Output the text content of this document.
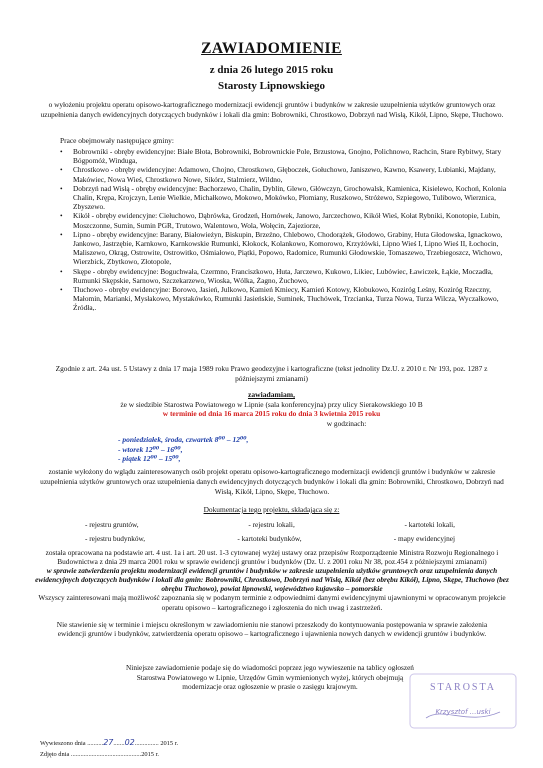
ZAWIADOMIENIE
z dnia 26 lutego 2015 roku
Starosty Lipnowskiego
o wyłożeniu projektu operatu opisowo-kartograficznego modernizacji ewidencji gruntów i budynków w zakresie uzupełnienia użytków gruntowych oraz uzupełnienia danych ewidencyjnych dotyczących budynków i lokali dla gmin: Bobrowniki, Chrostkowo, Dobrzyń nad Wisłą, Kikół, Lipno, Skępe, Tłuchowo.
Prace obejmowały następujące gminy:
• Bobrowniki - obręby ewidencyjne: Białe Błota, Bobrowniki, Bobrownickie Pole, Brzustowa, Gnojno, Polichnowo, Rachcin, Stare Rybitwy, Stary Bógpomóż, Winduga,
• Chrostkowo - obręby ewidencyjne: Adamowo, Chojno, Chrostkowo, Głęboczek, Gołuchowo, Janiszewo, Kawno, Ksawery, Lubianki, Majdany, Makówiec, Nowa Wieś, Chrostkowo Nowe, Sikórz, Stalmierz, Wildno,
• Dobrzyń nad Wisłą - obręby ewidencyjne: Bachorzewo, Chalin, Dyblin, Glewo, Główczyn, Grochowalsk, Kamienica, Kisielewo, Kochoń, Kolonia Chalin, Krępa, Krojczyn, Lenie Wielkie, Michałkowo, Mokowo, Mokówko, Płomiany, Ruszkowo, Stróżewo, Szpiegowo, Tulibowo, Wierznica, Zbyszewo.
• Kikół - obręby ewidencyjne: Ciełuchowo, Dąbrówka, Grodzeń, Hornówek, Janowo, Jarczechowo, Kikół Wieś, Kołat Rybniki, Konotopie, Lubin, Moszczonne, Sumin, Sumin PGR, Trutowo, Walentowo, Wola, Wołęcin, Zajeziorze,
• Lipno - obręby ewidencyjne: Barany, Białowieżyn, Biskupin, Brzeźno, Chlebowo, Chodorążek, Głodowo, Grabiny, Huta Głodowska, Ignackowo, Jankowo, Jastrzębie, Karnkowo, Karnkowskie Rumunki, Kłokock, Kolankowo, Komorowo, Krzyżówki, Lipno Wieś I, Lipno Wieś II, Łochocin, Maliszewo, Okrąg, Ostrowite, Ostrowitko, Ośmiałowo, Piątki, Popowo, Radomice, Rumunki Głodowskie, Tomaszewo, Trzebiegoszcz, Wichowo, Wierzbick, Zbytkowo, Złotopole,
• Skępe - obręby ewidencyjne: Boguchwała, Czermno, Franciszkowo, Huta, Jarczewo, Kukowo, Likiec, Lubówiec, Ławiczek, Łąkie, Moczadła, Rumunki Skępskie, Sarnowo, Szczekarzewo, Wioska, Wólka, Żagno, Żuchowo,
• Tłuchowo - obręby ewidencyjne: Borowo, Jasień, Julkowo, Kamień Kmiecy, Kamień Kotowy, Kłobukowo, Koziróg Leśny, Koziróg Rzeczny, Małomin, Marianki, Mysłakowo, Mystakówko, Rumunki Jasieńskie, Suminek, Tłuchówek, Trzcianka, Turza Nowa, Turza Wilcza, Wyczałkowo, Źródła,.
Zgodnie z art. 24a ust. 5 Ustawy z dnia 17 maja 1989 roku Prawo geodezyjne i kartograficzne (tekst jednolity Dz.U. z 2010 r. Nr 193, poz. 1287 z późniejszymi zmianami)
zawiadamiam,
że w siedzibie Starostwa Powiatowego w Lipnie (sala konferencyjna) przy ulicy Sierakowskiego 10 B
w terminie od dnia 16 marca 2015 roku do dnia 3 kwietnia 2015 roku
w godzinach:
- poniedziałek, środa, czwartek 8⁰⁰ – 12⁰⁰,
- wtorek 12⁰⁰ – 16⁰⁰,
- piątek 12⁰⁰ – 15⁰⁰,
zostanie wyłożony do wglądu zainteresowanych osób projekt operatu opisowo-kartograficznego modernizacji ewidencji gruntów i budynków w zakresie uzupełnienia użytków gruntowych oraz uzupełnienia danych ewidencyjnych dotyczących budynków i lokali dla gmin: Bobrowniki, Chrostkowo, Dobrzyń nad Wisłą, Kikół, Lipno, Skępe, Tłuchowo.
Dokumentacja tego projektu, składająca się z:
- rejestru gruntów,	- rejestru lokali,	- kartoteki lokali,
- rejestru budynków,	- kartoteki budynków,	- mapy ewidencyjnej
została opracowana na podstawie art. 4 ust. 1a i art. 20 ust. 1-3 cytowanej wyżej ustawy oraz przepisów Rozporządzenie Ministra Rozwoju Regionalnego i Budownictwa z dnia 29 marca 2001 roku w sprawie ewidencji gruntów i budynków (Dz. U. z 2001 roku Nr 38, poz.454 z późniejszymi zmianami)
w sprawie zatwierdzenia projektu modernizacji ewidencji gruntów i budynków w zakresie uzupełnienia użytków gruntowych oraz uzupełnienia danych ewidencyjnych dotyczących budynków i lokali dla gmin: Bobrowniki, Chrostkowo, Dobrzyń nad Wisłą, Kikół (bez obrębu Kikół), Lipno, Skępe, Tłuchowo (bez obrębu Tłuchowo), powiat lipnowski, województwo kujawsko – pomorskie
Wszyscy zainteresowani mają możliwość zapoznania się w podanym terminie z odpowiednimi danymi ewidencyjnymi ujawnionymi w opracowanym projekcie operatu opisowo – kartograficznego i zgłoszenia do nich uwag i zastrzeżeń.
Nie stawienie się w terminie i miejscu określonym w zawiadomieniu nie stanowi przeszkody do kontynuowania postępowania w sprawie założenia ewidencji gruntów i budynków, zatwierdzenia operatu opisowo – kartograficznego i ujawnienia nowych danych w ewidencji gruntów i budynków.
Niniejsze zawiadomienie podaje się do wiadomości poprzez jego wywieszenie na tablicy ogłoszeń Starostwa Powiatowego w Lipnie, Urzędów Gmin wymienionych wyżej, których obejmują modernizacje oraz ogłoszenie w prasie o zasięgu krajowym.
Wywieszono dnia ..........27.......02............... 2015 r.
Zdjęto dnia ............................................2015 r.
STAROSTA
Krzysztof ...uski
